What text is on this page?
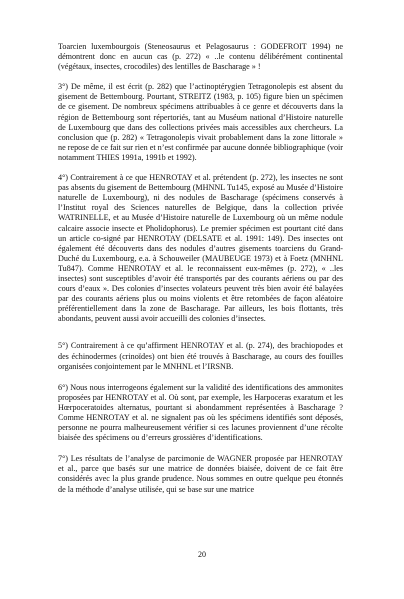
Toarcien luxembourgois (Steneosaurus et Pelagosaurus : GODEFROIT 1994) ne démontrent donc en aucun cas (p. 272) « ..le contenu délibérément continental (végétaux, insectes, crocodiles) des lentilles de Bascharage » !

3°) De même, il est écrit (p. 282) que l’actinoptérygien Tetragonolepis est absent du gisement de Bettembourg. Pourtant, STREITZ (1983, p. 105) figure bien un spécimen de ce gisement. De nombreux spécimens attribuables à ce genre et découverts dans la région de Bettembourg sont répertoriés, tant au Muséum national d’Histoire naturelle de Luxembourg que dans des collections privées mais accessibles aux chercheurs. La conclusion que (p. 282) « Tetragonolepis vivait probablement dans la zone littorale » ne repose de ce fait sur rien et n’est confirmée par aucune donnée bibliographique (voir notamment THIES 1991a, 1991b et 1992).

4°) Contrairement à ce que HENROTAY et al. prétendent (p. 272), les insectes ne sont pas absents du gisement de Bettembourg (MHNNL Tu145, exposé au Musée d’Histoire naturelle de Luxembourg), ni des nodules de Bascharage (spécimens conservés à l’Institut royal des Sciences naturelles de Belgique, dans la collection privée WATRINELLE, et au Musée d’Histoire naturelle de Luxembourg où un même nodule calcaire associe insecte et Pholidophorus). Le premier spécimen est pourtant cité dans un article co-signé par HENROTAY (DELSATE et al. 1991: 149). Des insectes ont également été découverts dans des nodules d’autres gisements toarciens du Grand-Duché du Luxembourg, e.a. à Schouweiler (MAUBEUGE 1973) et à Foetz (MNHNL Tu847). Comme HENROTAY et al. le reconnaissent eux-mêmes (p. 272), « ..les insectes) sont susceptibles d’avoir été transportés par des courants aériens ou par des cours d’eaux ». Des colonies d’insectes volateurs peuvent très bien avoir été balayées par des courants aériens plus ou moins violents et être retombées de façon aléatoire préférentiellement dans la zone de Bascharage. Par ailleurs, les bois flottants, très abondants, peuvent aussi avoir accueilli des colonies d’insectes.

5°) Contrairement à ce qu’affirment HENROTAY et al. (p. 274), des brachiopodes et des échinodermes (crinoïdes) ont bien été trouvés à Bascharage, au cours des fouilles organisées conjointement par le MNHNL et l’IRSNB.

6°) Nous nous interrogeons également sur la validité des identifications des ammonites proposées par HENROTAY et al. Où sont, par exemple, les Harpoceras exaratum et les Hœrpoceratoides alternatus, pourtant si abondamment représentées à Bascharage ? Comme HENROTAY et al. ne signalent pas où les spécimens identifiés sont déposés, personne ne pourra malheureusement vérifier si ces lacunes proviennent d’une récolte biaisée des spécimens ou d’erreurs grossières d’identifications.

7°) Les résultats de l’analyse de parcimonie de WAGNER proposée par HENROTAY et al., parce que basés sur une matrice de données biaisée, doivent de ce fait être considérés avec la plus grande prudence. Nous sommes en outre quelque peu étonnés de la méthode d’analyse utilisée, qui se base sur une matrice

20
